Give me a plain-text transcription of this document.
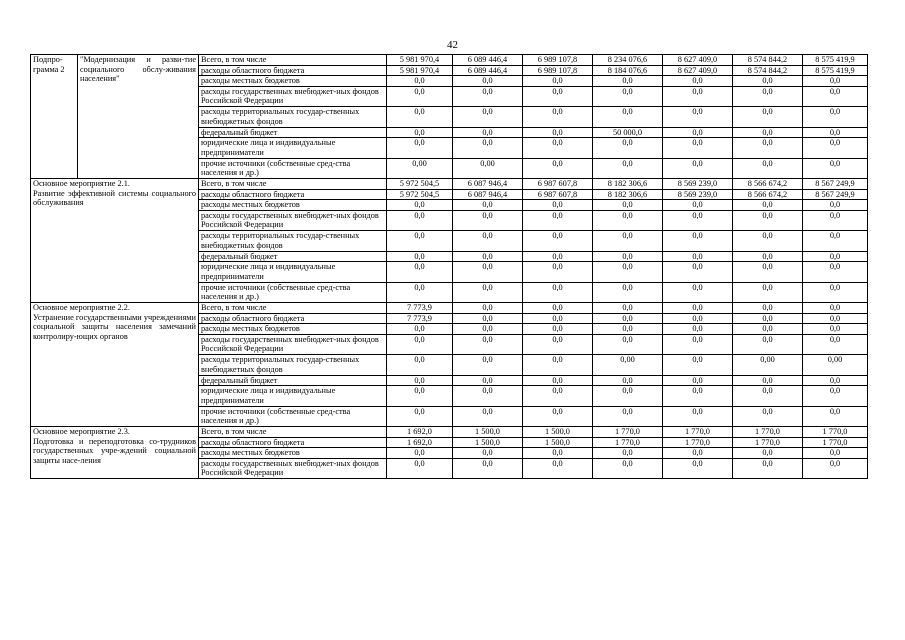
42
Подпро-грамма 2	"Модернизация и разви-тие социального обслу-живания населения"	Всего, в том числе	5 981 970,4	6 089 446,4	6 989 107,8	8 234 076,6	8 627 409,0	8 574 844,2	8 575 419,9
		расходы областного бюджета	5 981 970,4	6 089 446,4	6 989 107,8	8 184 076,6	8 627 409,0	8 574 844,2	8 575 419,9
		расходы местных бюджетов	0,0	0,0	0,0	0,0	0,0	0,0	0,0
		расходы государственных внебюджет-ных фондов Российской Федерации	0,0	0,0	0,0	0,0	0,0	0,0	0,0
		расходы территориальных государ-ственных внебюджетных фондов	0,0	0,0	0,0	0,0	0,0	0,0	0,0
		федеральный бюджет	0,0	0,0	0,0	50 000,0	0,0	0,0	0,0
		юридические лица и индивидуальные предприниматели	0,0	0,0	0,0	0,0	0,0	0,0	0,0
		прочие источники (собственные сред-ства населения и др.)	0,00	0,00	0,0	0,0	0,0	0,0	0,0

Основное мероприятие 2.1.
Развитие эффективной системы социального обслуживания		Всего, в том числе	5 972 504,5	6 087 946,4	6 987 607,8	8 182 306,6	8 569 239,0	8 566 674,2	8 567 249,9
		расходы областного бюджета	5 972 504,5	6 087 946,4	6 987 607,8	8 182 306,6	8 569 239,0	8 566 674,2	8 567 249,9
		расходы местных бюджетов	0,0	0,0	0,0	0,0	0,0	0,0	0,0
		расходы государственных внебюджет-ных фондов Российской Федерации	0,0	0,0	0,0	0,0	0,0	0,0	0,0
		расходы территориальных государ-ственных внебюджетных фондов	0,0	0,0	0,0	0,0	0,0	0,0	0,0
		федеральный бюджет	0,0	0,0	0,0	0,0	0,0	0,0	0,0
		юридические лица и индивидуальные предприниматели	0,0	0,0	0,0	0,0	0,0	0,0	0,0
		прочие источники (собственные сред-ства населения и др.)	0,0	0,0	0,0	0,0	0,0	0,0	0,0

Основное мероприятие 2.2.
Устранение государственными учреждениями социальной защиты населения замечаний контролиру-ющих органов		Всего, в том числе	7 773,9	0,0	0,0	0,0	0,0	0,0	0,0
		расходы областного бюджета	7 773,9	0,0	0,0	0,0	0,0	0,0	0,0
		расходы местных бюджетов	0,0	0,0	0,0	0,0	0,0	0,0	0,0
		расходы государственных внебюджет-ных фондов Российской Федерации	0,0	0,0	0,0	0,0	0,0	0,0	0,0
		расходы территориальных государ-ственных внебюджетных фондов	0,0	0,0	0,0	0,00	0,0	0,00	0,00
		федеральный бюджет	0,0	0,0	0,0	0,0	0,0	0,0	0,0
		юридические лица и индивидуальные предприниматели	0,0	0,0	0,0	0,0	0,0	0,0	0,0
		прочие источники (собственные сред-ства населения и др.)	0,0	0,0	0,0	0,0	0,0	0,0	0,0

Основное мероприятие 2.3.
Подготовка и переподготовка со-трудников государственных учре-ждений социальной защиты насе-ления		Всего, в том числе	1 692,0	1 500,0	1 500,0	1 770,0	1 770,0	1 770,0	1 770,0
		расходы областного бюджета	1 692,0	1 500,0	1 500,0	1 770,0	1 770,0	1 770,0	1 770,0
		расходы местных бюджетов	0,0	0,0	0,0	0,0	0,0	0,0	0,0
		расходы государственных внебюджет-ных фондов Российской Федерации	0,0	0,0	0,0	0,0	0,0	0,0	0,0
